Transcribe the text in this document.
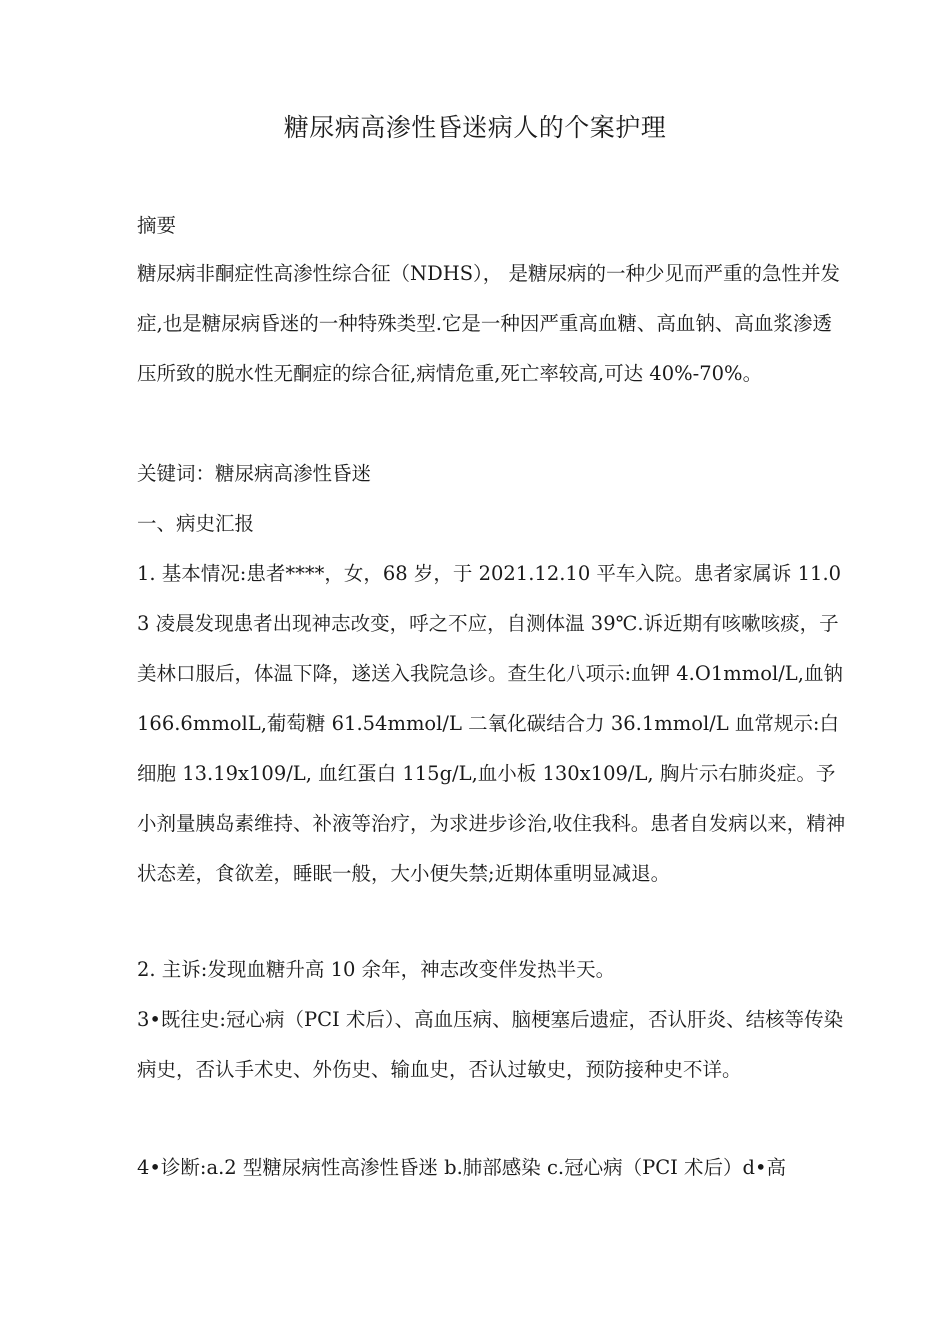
糖尿病高渗性昏迷病人的个案护理
摘要

糖尿病非酮症性高渗性综合征（NDHS）， 是糖尿病的一种少见而严重的急性并发症,也是糖尿病昏迷的一种特殊类型.它是一种因严重高血糖、高血钠、高血浆渗透压所致的脱水性无酮症的综合征,病情危重,死亡率较高,可达 40%-70%。

关键词：糖尿病高渗性昏迷

一、病史汇报

1. 基本情况:患者****，女，68 岁，于 2021.12.10 平车入院。患者家属诉 11.03 凌晨发现患者出现神志改变，呼之不应，自测体温 39℃.诉近期有咳嗽咳痰，子美林口服后，体温下降，遂送入我院急诊。查生化八项示:血钾 4.O1mmol/L,血钠 166.6mmolL,葡萄糖 61.54mmol/L 二氧化碳结合力 36.1mmol/L 血常规示:白细胞 13.19x109/L, 血红蛋白 115g/L,血小板 130x109/L, 胸片示右肺炎症。予小剂量胰岛素维持、补液等治疗，为求进步诊治,收住我科。患者自发病以来，精神状态差，食欲差，睡眠一般，大小便失禁;近期体重明显减退。

2. 主诉:发现血糖升高 10 余年，神志改变伴发热半天。

3•既往史:冠心病（PCI 术后）、高血压病、脑梗塞后遗症，否认肝炎、结核等传染病史，否认手术史、外伤史、输血史，否认过敏史，预防接种史不详。

4•诊断:a.2 型糖尿病性高渗性昏迷 b.肺部感染 c.冠心病（PCI 术后）d•高
